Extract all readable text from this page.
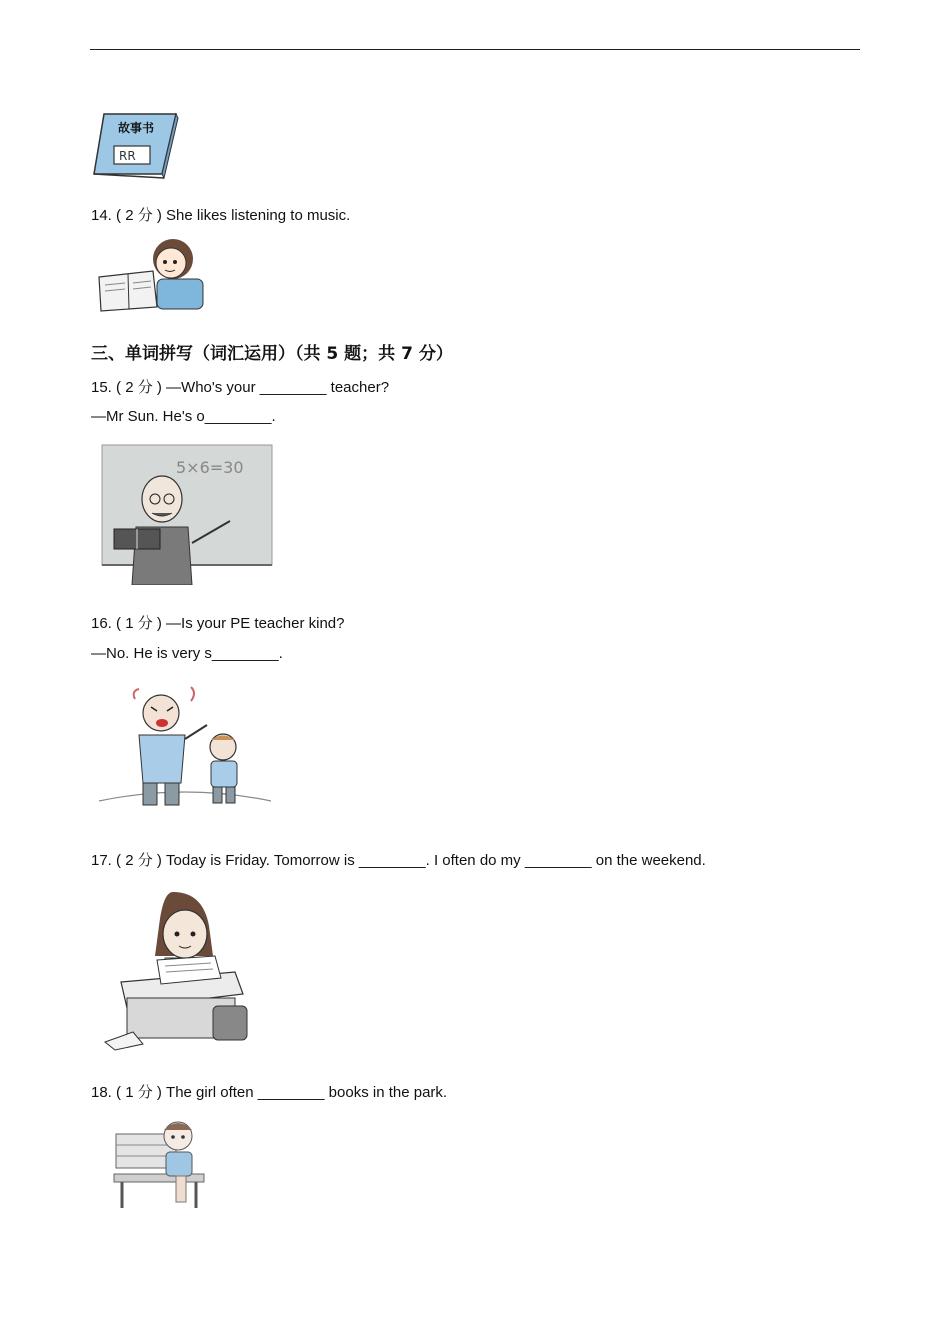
故事书
RR
14. ( 2 分 ) She likes listening to music.
三、单词拼写（词汇运用）（共 5 题；共 7 分）
15. ( 2 分 ) —Who's your ________ teacher?
—Mr Sun. He's o________.
5×6=30
16. ( 1 分 ) —Is your PE teacher kind?
—No. He is very s________.
17. ( 2 分 ) Today is Friday. Tomorrow is ________. I often do my ________ on the weekend.
18. ( 1 分 ) The girl often ________ books in the park.
